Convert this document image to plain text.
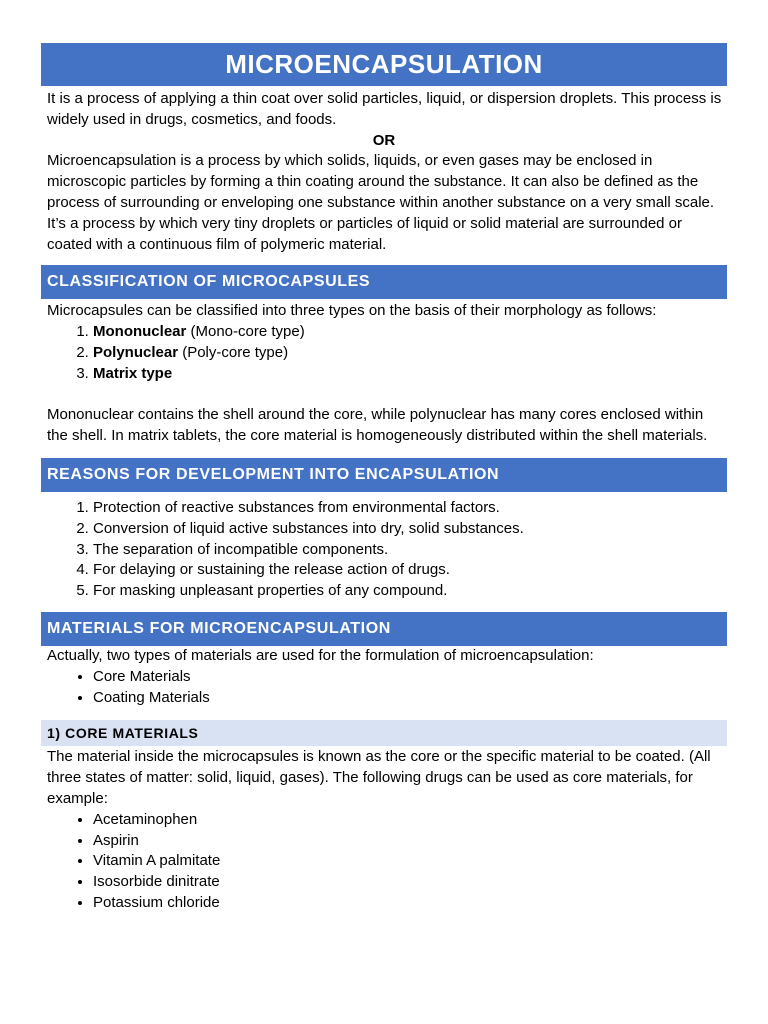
MICROENCAPSULATION

It is a process of applying a thin coat over solid particles, liquid, or dispersion droplets. This process is widely used in drugs, cosmetics, and foods.

OR

Microencapsulation is a process by which solids, liquids, or even gases may be enclosed in microscopic particles by forming a thin coating around the substance. It can also be defined as the process of surrounding or enveloping one substance within another substance on a very small scale. It’s a process by which very tiny droplets or particles of liquid or solid material are surrounded or coated with a continuous film of polymeric material.

CLASSIFICATION OF MICROCAPSULES

Microcapsules can be classified into three types on the basis of their morphology as follows:

1. Mononuclear (Mono-core type)
2. Polynuclear (Poly-core type)
3. Matrix type

Mononuclear contains the shell around the core, while polynuclear has many cores enclosed within the shell. In matrix tablets, the core material is homogeneously distributed within the shell materials.

REASONS FOR DEVELOPMENT INTO ENCAPSULATION
1. Protection of reactive substances from environmental factors.
2. Conversion of liquid active substances into dry, solid substances.
3. The separation of incompatible components.
4. For delaying or sustaining the release action of drugs.
5. For masking unpleasant properties of any compound.
MATERIALS FOR MICROENCAPSULATION

Actually, two types of materials are used for the formulation of microencapsulation:

• Core Materials
• Coating Materials
1) CORE MATERIALS

The material inside the microcapsules is known as the core or the specific material to be coated. (All three states of matter: solid, liquid, gases). The following drugs can be used as core materials, for example:

• Acetaminophen
• Aspirin
• Vitamin A palmitate
• Isosorbide dinitrate
• Potassium chloride
